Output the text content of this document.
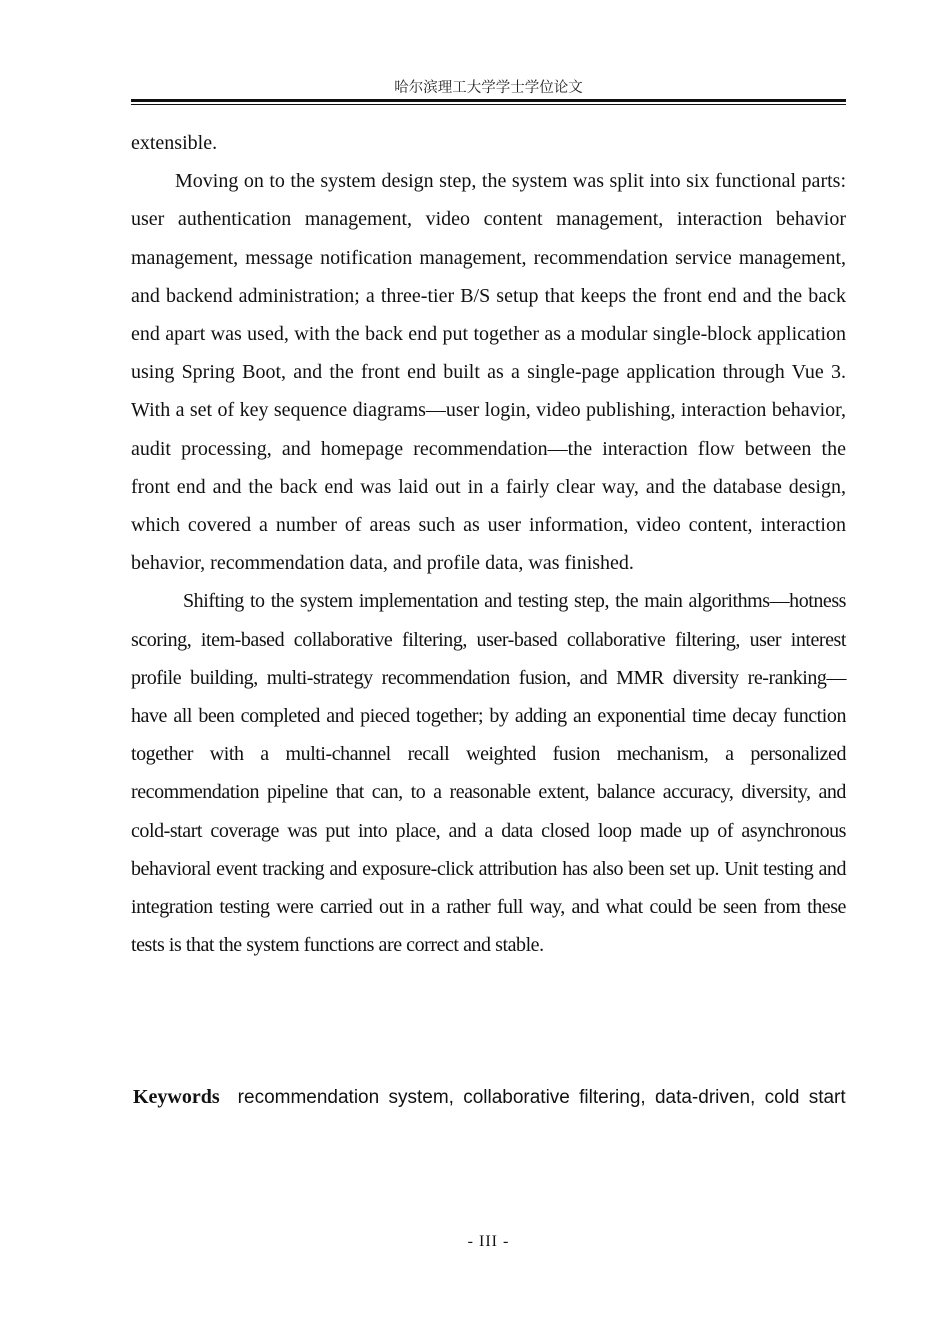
哈尔滨理工大学学士学位论文

extensible.

Moving on to the system design step, the system was split into six functional parts: user authentication management, video content management, interaction behavior management, message notification management, recommendation service management, and backend administration; a three-tier B/S setup that keeps the front end and the back end apart was used, with the back end put together as a modular single-block application using Spring Boot, and the front end built as a single-page application through Vue 3. With a set of key sequence diagrams—user login, video publishing, interaction behavior, audit processing, and homepage recommendation—the interaction flow between the front end and the back end was laid out in a fairly clear way, and the database design, which covered a number of areas such as user information, video content, interaction behavior, recommendation data, and profile data, was finished.

Shifting to the system implementation and testing step, the main algorithms—hotness scoring, item-based collaborative filtering, user-based collaborative filtering, user interest profile building, multi-strategy recommendation fusion, and MMR diversity re-ranking—have all been completed and pieced together; by adding an exponential time decay function together with a multi-channel recall weighted fusion mechanism, a personalized recommendation pipeline that can, to a reasonable extent, balance accuracy, diversity, and cold-start coverage was put into place, and a data closed loop made up of asynchronous behavioral event tracking and exposure-click attribution has also been set up. Unit testing and integration testing were carried out in a rather full way, and what could be seen from these tests is that the system functions are correct and stable.

Keywords recommendation system, collaborative filtering, data-driven, cold start
- III -
